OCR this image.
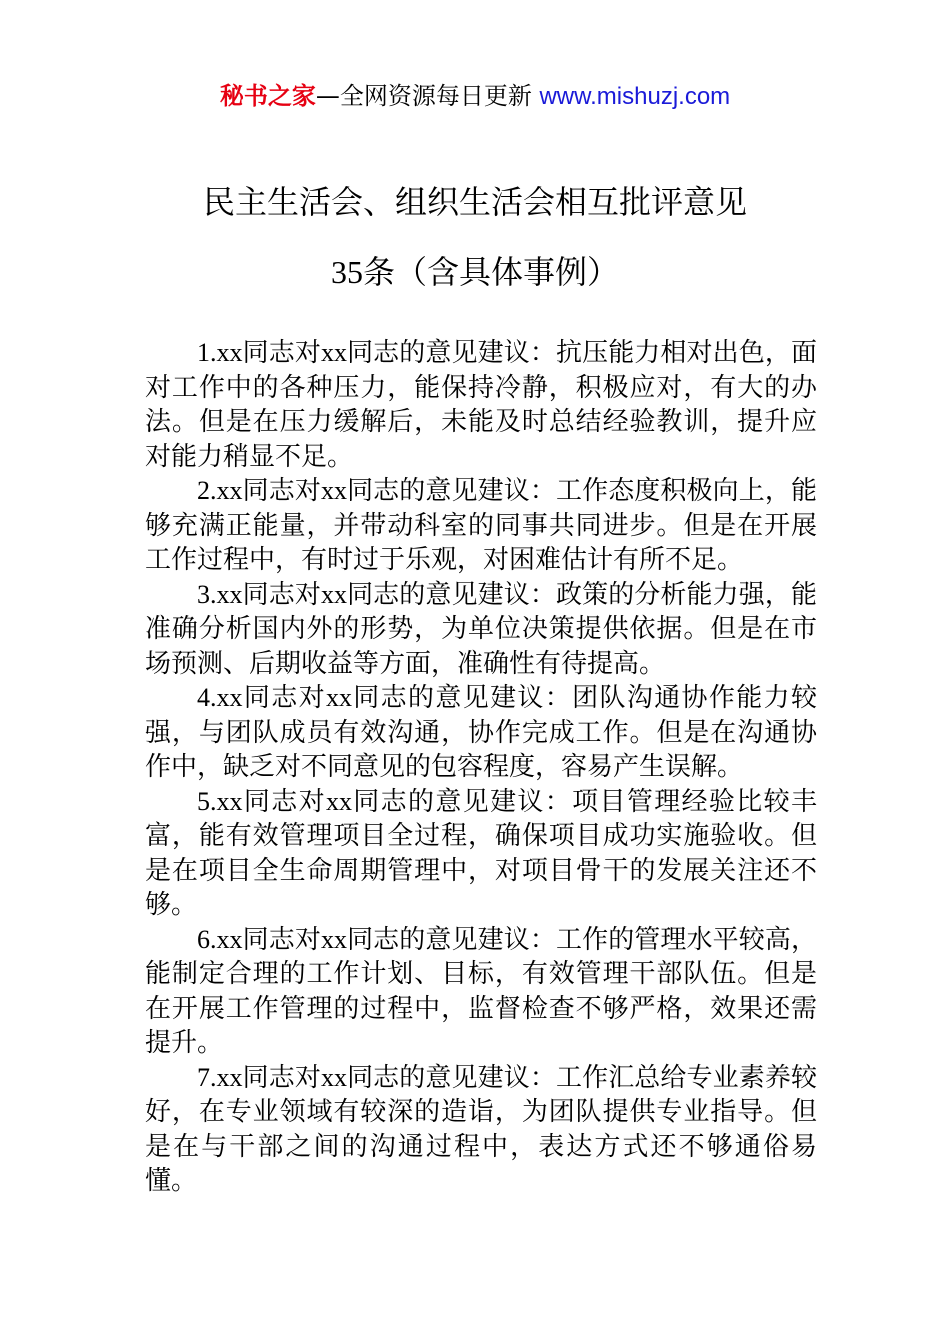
秘书之家—全网资源每日更新 www.mishuzj.com
民主生活会、组织生活会相互批评意见
35条（含具体事例）

1.xx同志对xx同志的意见建议：抗压能力相对出色，面对工作中的各种压力，能保持冷静，积极应对，有大的办法。但是在压力缓解后，未能及时总结经验教训，提升应对能力稍显不足。

2.xx同志对xx同志的意见建议：工作态度积极向上，能够充满正能量，并带动科室的同事共同进步。但是在开展工作过程中，有时过于乐观，对困难估计有所不足。

3.xx同志对xx同志的意见建议：政策的分析能力强，能准确分析国内外的形势，为单位决策提供依据。但是在市场预测、后期收益等方面，准确性有待提高。

4.xx同志对xx同志的意见建议：团队沟通协作能力较强，与团队成员有效沟通，协作完成工作。但是在沟通协作中，缺乏对不同意见的包容程度，容易产生误解。

5.xx同志对xx同志的意见建议：项目管理经验比较丰富，能有效管理项目全过程，确保项目成功实施验收。但是在项目全生命周期管理中，对项目骨干的发展关注还不够。

6.xx同志对xx同志的意见建议：工作的管理水平较高，能制定合理的工作计划、目标，有效管理干部队伍。但是在开展工作管理的过程中，监督检查不够严格，效果还需提升。

7.xx同志对xx同志的意见建议：工作汇总给专业素养较好，在专业领域有较深的造诣，为团队提供专业指导。但是在与干部之间的沟通过程中，表达方式还不够通俗易懂。
